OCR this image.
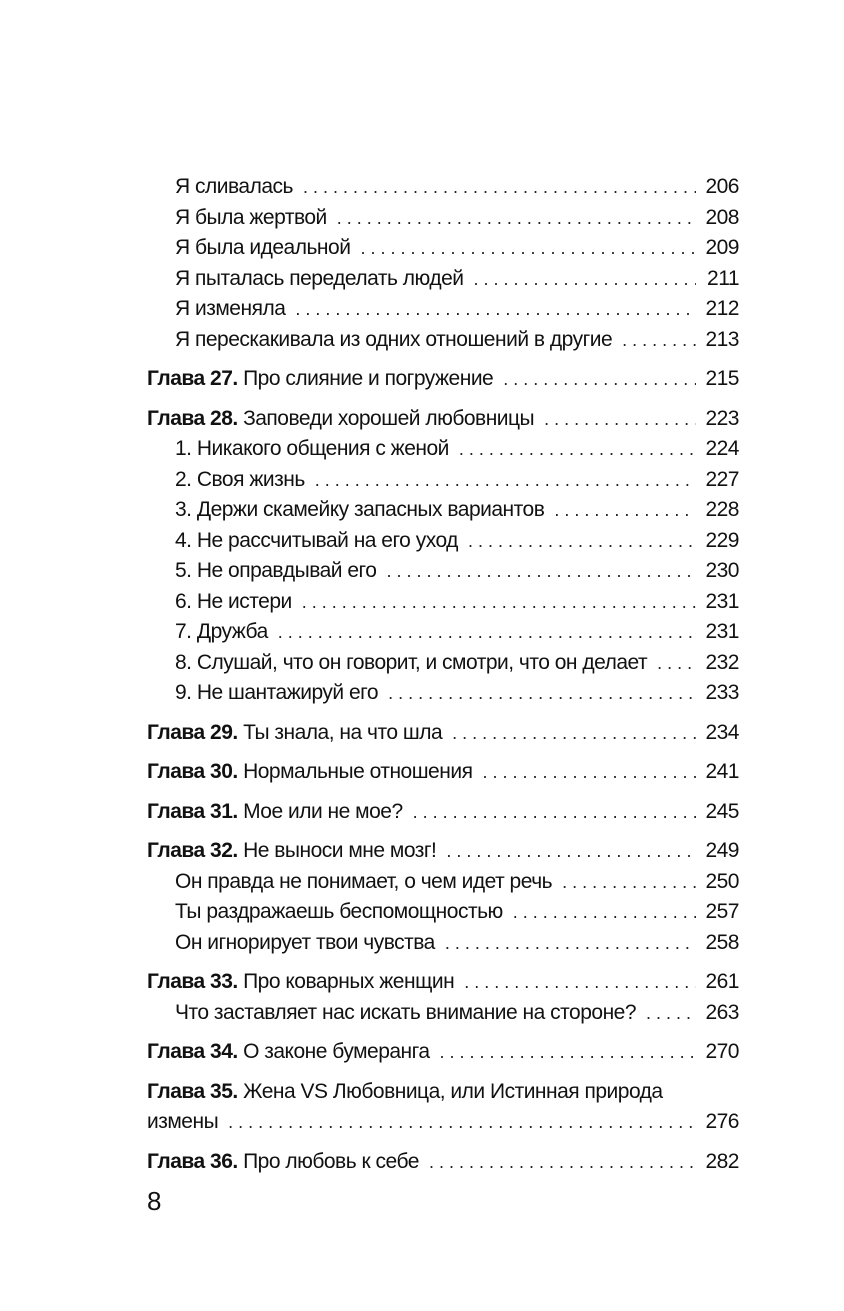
Я сливалась . . .	206
Я была жертвой . . .	208
Я была идеальной . . .	209
Я пыталась переделать людей . . .	211
Я изменяла . . .	212
Я перескакивала из одних отношений в другие . . .	213
Глава 27. Про слияние и погружение . . .	215
Глава 28. Заповеди хорошей любовницы . . .	223
1. Никакого общения с женой . . .	224
2. Своя жизнь . . .	227
3. Держи скамейку запасных вариантов . . .	228
4. Не рассчитывай на его уход . . .	229
5. Не оправдывай его . . .	230
6. Не истери . . .	231
7. Дружба . . .	231
8. Слушай, что он говорит, и смотри, что он делает . . .	232
9. Не шантажируй его . . .	233
Глава 29. Ты знала, на что шла . . .	234
Глава 30. Нормальные отношения . . .	241
Глава 31. Мое или не мое? . . .	245
Глава 32. Не выноси мне мозг! . . .	249
Он правда не понимает, о чем идет речь . . .	250
Ты раздражаешь беспомощностью . . .	257
Он игнорирует твои чувства . . .	258
Глава 33. Про коварных женщин . . .	261
Что заставляет нас искать внимание на стороне? . . .	263
Глава 34. О законе бумеранга . . .	270
Глава 35. Жена VS Любовница, или Истинная природа
измены . . .	276
Глава 36. Про любовь к себе . . .	282
8
